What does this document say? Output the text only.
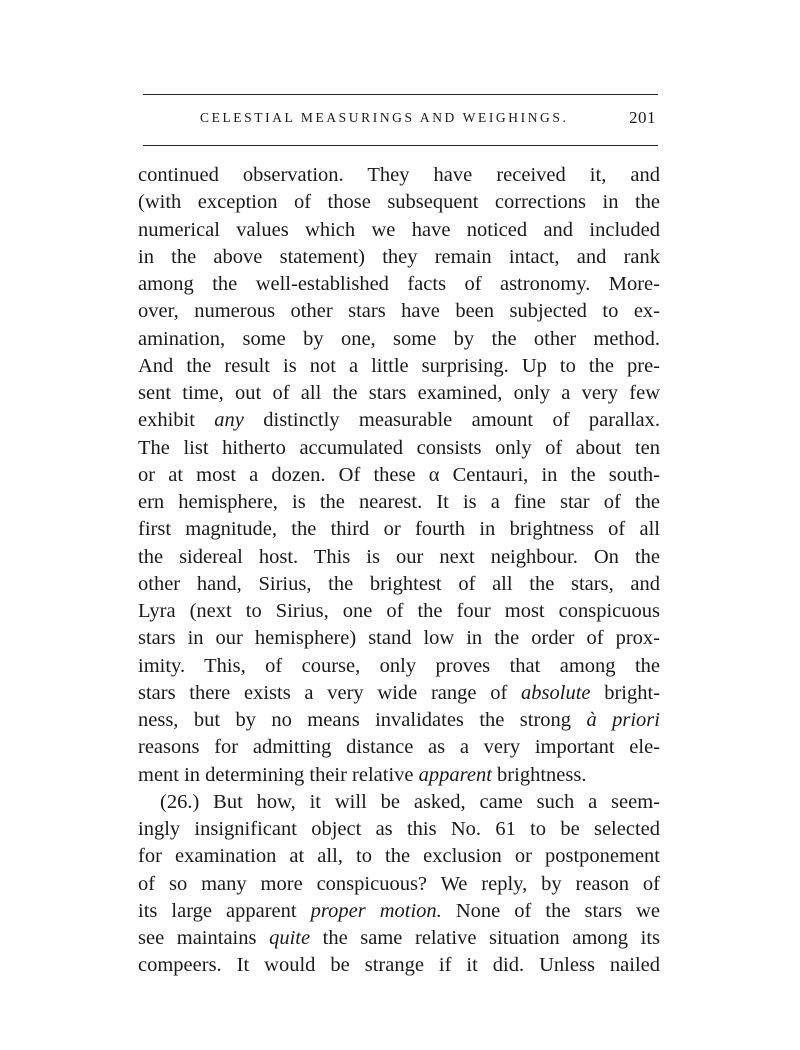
CELESTIAL MEASURINGS AND WEIGHINGS.	201
continued observation. They have received it, and
(with exception of those subsequent corrections in the
numerical values which we have noticed and included
in the above statement) they remain intact, and rank
among the well-established facts of astronomy. More-
over, numerous other stars have been subjected to ex-
amination, some by one, some by the other method.
And the result is not a little surprising. Up to the pre-
sent time, out of all the stars examined, only a very few
exhibit any distinctly measurable amount of parallax.
The list hitherto accumulated consists only of about ten
or at most a dozen. Of these α Centauri, in the south-
ern hemisphere, is the nearest. It is a fine star of the
first magnitude, the third or fourth in brightness of all
the sidereal host. This is our next neighbour. On the
other hand, Sirius, the brightest of all the stars, and
Lyra (next to Sirius, one of the four most conspicuous
stars in our hemisphere) stand low in the order of prox-
imity. This, of course, only proves that among the
stars there exists a very wide range of absolute bright-
ness, but by no means invalidates the strong à priori
reasons for admitting distance as a very important ele-
ment in determining their relative apparent brightness.
(26.) But how, it will be asked, came such a seem-
ingly insignificant object as this No. 61 to be selected
for examination at all, to the exclusion or postponement
of so many more conspicuous? We reply, by reason of
its large apparent proper motion. None of the stars we
see maintains quite the same relative situation among its
compeers. It would be strange if it did. Unless nailed
